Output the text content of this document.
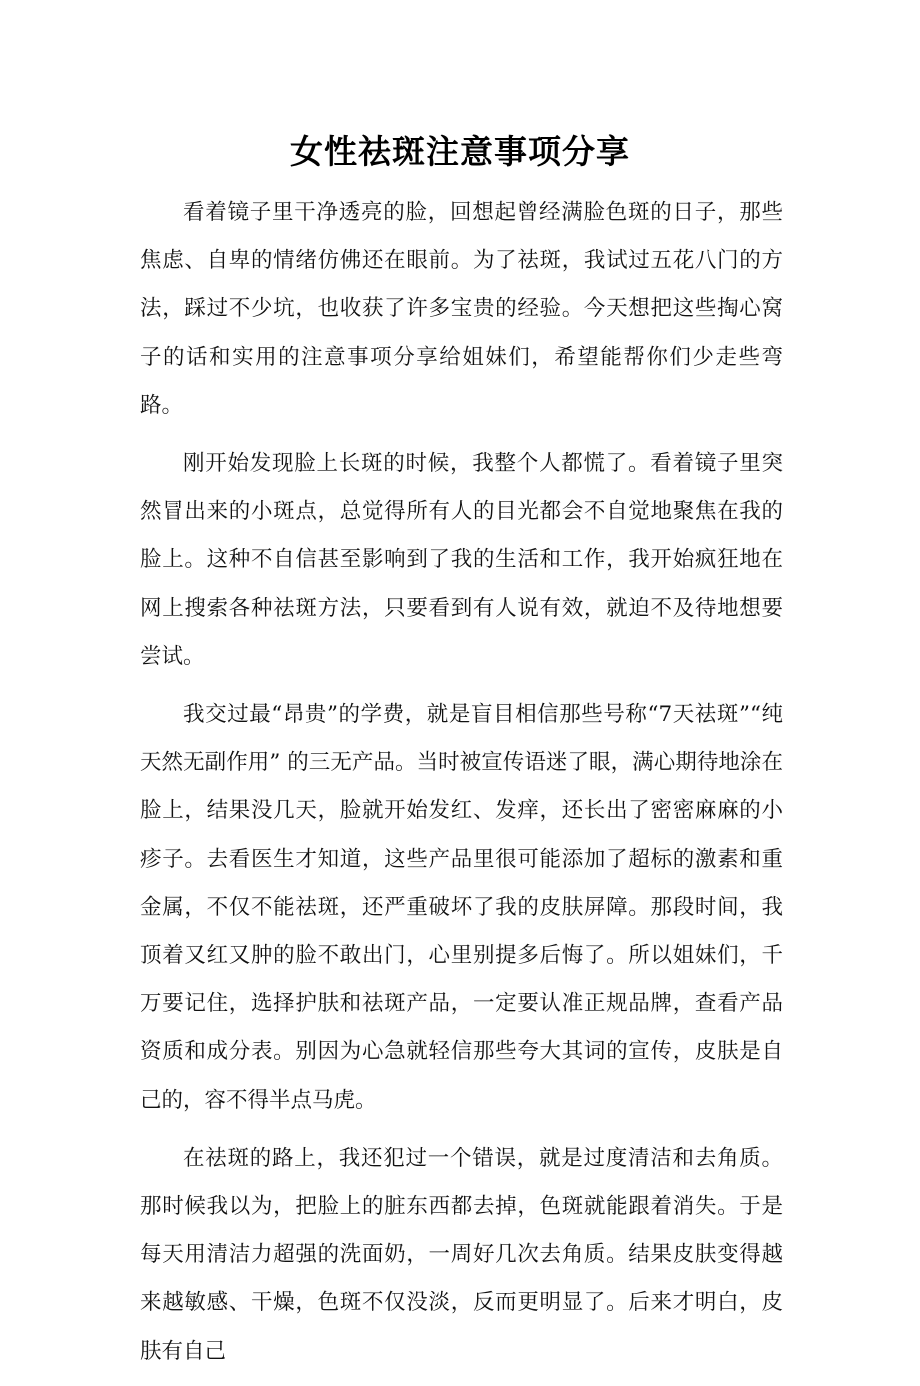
女性祛斑注意事项分享

看着镜子里干净透亮的脸，回想起曾经满脸色斑的日子，那些焦虑、自卑的情绪仿佛还在眼前。为了祛斑，我试过五花八门的方法，踩过不少坑，也收获了许多宝贵的经验。今天想把这些掏心窝子的话和实用的注意事项分享给姐妹们，希望能帮你们少走些弯路。

刚开始发现脸上长斑的时候，我整个人都慌了。看着镜子里突然冒出来的小斑点，总觉得所有人的目光都会不自觉地聚焦在我的脸上。这种不自信甚至影响到了我的生活和工作，我开始疯狂地在网上搜索各种祛斑方法，只要看到有人说有效，就迫不及待地想要尝试。

我交过最“昂贵”的学费，就是盲目相信那些号称“7天祛斑”“纯天然无副作用” 的三无产品。当时被宣传语迷了眼，满心期待地涂在脸上，结果没几天，脸就开始发红、发痒，还长出了密密麻麻的小疹子。去看医生才知道，这些产品里很可能添加了超标的激素和重金属，不仅不能祛斑，还严重破坏了我的皮肤屏障。那段时间，我顶着又红又肿的脸不敢出门，心里别提多后悔了。所以姐妹们，千万要记住，选择护肤和祛斑产品，一定要认准正规品牌，查看产品资质和成分表。别因为心急就轻信那些夸大其词的宣传，皮肤是自己的，容不得半点马虎。

在祛斑的路上，我还犯过一个错误，就是过度清洁和去角质。那时候我以为，把脸上的脏东西都去掉，色斑就能跟着消失。于是每天用清洁力超强的洗面奶，一周好几次去角质。结果皮肤变得越来越敏感、干燥，色斑不仅没淡，反而更明显了。后来才明白，皮肤有自己
